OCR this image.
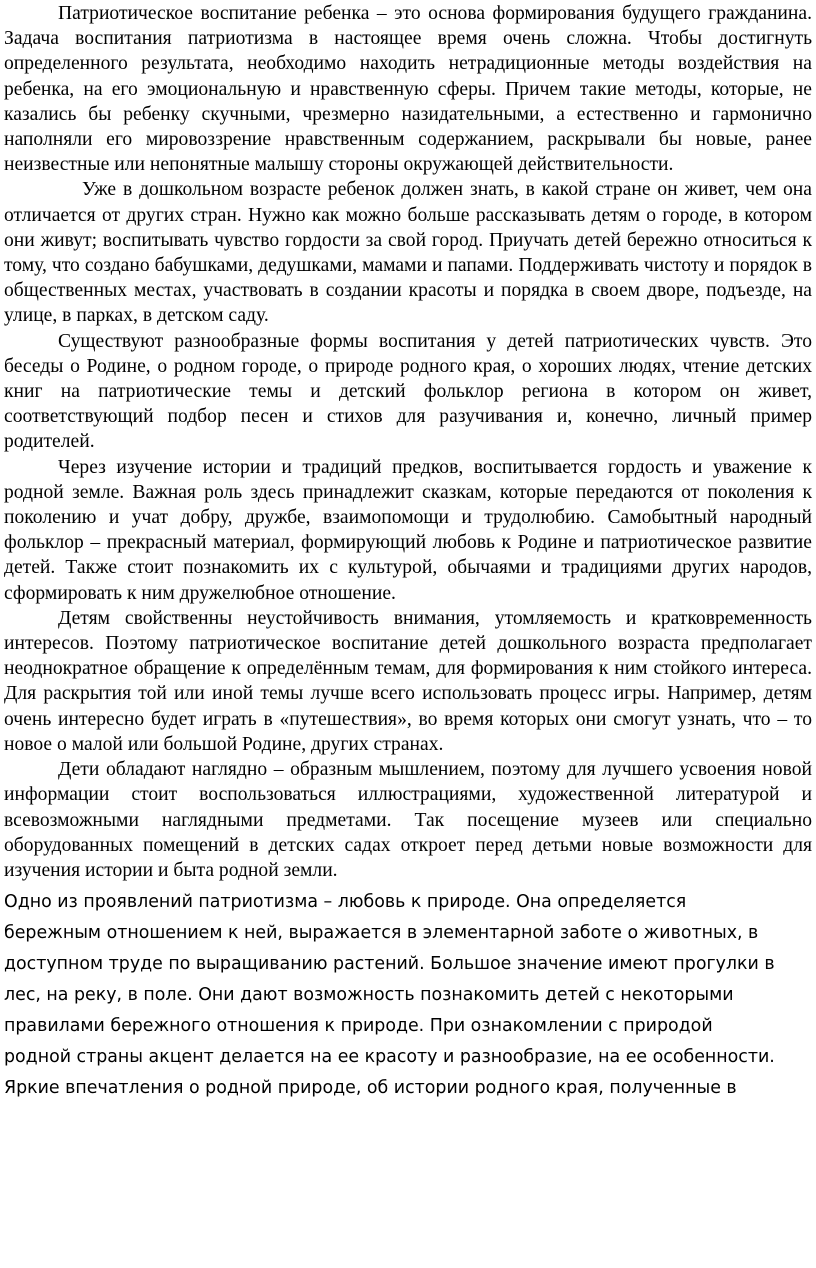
Патриотическое воспитание ребенка – это основа формирования будущего гражданина. Задача воспитания патриотизма в настоящее время очень сложна. Чтобы достигнуть определенного результата, необходимо находить нетрадиционные методы воздействия на ребенка, на его эмоциональную и нравственную сферы. Причем такие методы, которые, не казались бы ребенку скучными, чрезмерно назидательными, а естественно и гармонично наполняли его мировоззрение нравственным содержанием, раскрывали бы новые, ранее неизвестные или непонятные малышу стороны окружающей действительности.

Уже в дошкольном возрасте ребенок должен знать, в какой стране он живет, чем она отличается от других стран. Нужно как можно больше рассказывать детям о городе, в котором они живут; воспитывать чувство гордости за свой город. Приучать детей бережно относиться к тому, что создано бабушками, дедушками, мамами и папами. Поддерживать чистоту и порядок в общественных местах, участвовать в создании красоты и порядка в своем дворе, подъезде, на улице, в парках, в детском саду.

Существуют разнообразные формы воспитания у детей патриотических чувств. Это беседы о Родине, о родном городе, о природе родного края, о хороших людях, чтение детских книг на патриотические темы и детский фольклор региона в котором он живет, соответствующий подбор песен и стихов для разучивания и, конечно, личный пример родителей.

Через изучение истории и традиций предков, воспитывается гордость и уважение к родной земле. Важная роль здесь принадлежит сказкам, которые передаются от поколения к поколению и учат добру, дружбе, взаимопомощи и трудолюбию. Самобытный народный фольклор – прекрасный материал, формирующий любовь к Родине и патриотическое развитие детей. Также стоит познакомить их с культурой, обычаями и традициями других народов, сформировать к ним дружелюбное отношение.

Детям свойственны неустойчивость внимания, утомляемость и кратковременность интересов. Поэтому патриотическое воспитание детей дошкольного возраста предполагает неоднократное обращение к определённым темам, для формирования к ним стойкого интереса. Для раскрытия той или иной темы лучше всего использовать процесс игры. Например, детям очень интересно будет играть в «путешествия», во время которых они смогут узнать, что – то новое о малой или большой Родине, других странах.

Дети обладают наглядно – образным мышлением, поэтому для лучшего усвоения новой информации стоит воспользоваться иллюстрациями, художественной литературой и всевозможными наглядными предметами. Так посещение музеев или специально оборудованных помещений в детских садах откроет перед детьми новые возможности для изучения истории и быта родной земли.

Одно из проявлений патриотизма – любовь к природе. Она определяется

бережным отношением к ней, выражается в элементарной заботе о животных, в

доступном труде по выращиванию растений. Большое значение имеют прогулки в

лес, на реку, в поле. Они дают возможность познакомить детей с некоторыми

правилами бережного отношения к природе. При ознакомлении с природой

родной страны акцент делается на ее красоту и разнообразие, на ее особенности.

Яркие впечатления о родной природе, об истории родного края, полученные в
